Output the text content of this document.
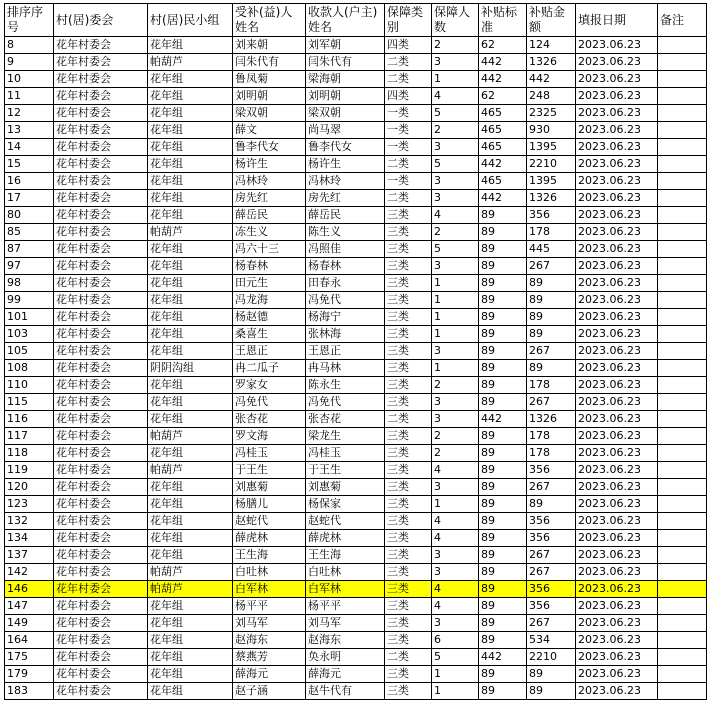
排序序号	村(居)委会	村(居)民小组	受补(益)人姓名	收款人(户主)姓名	保障类别	保障人数	补贴标准	补贴金额	填报日期	备注
8	花年村委会	花年组	刘来朝	刘军朝	四类	2	62	124	2023.06.23	
9	花年村委会	帕葫芦	闫朱代有	闫朱代有	二类	3	442	1326	2023.06.23	
10	花年村委会	花年组	鲁凤菊	梁海朝	二类	1	442	442	2023.06.23	
11	花年村委会	花年组	刘明朝	刘明朝	四类	4	62	248	2023.06.23	
12	花年村委会	花年组	梁双朝	梁双朝	一类	5	465	2325	2023.06.23	
13	花年村委会	花年组	薛文	尚马翠	一类	2	465	930	2023.06.23	
14	花年村委会	花年组	鲁李代女	鲁李代女	一类	3	465	1395	2023.06.23	
15	花年村委会	花年组	杨许生	杨许生	二类	5	442	2210	2023.06.23	
16	花年村委会	花年组	冯林玲	冯林玲	一类	3	465	1395	2023.06.23	
17	花年村委会	花年组	房先红	房先红	二类	3	442	1326	2023.06.23	
80	花年村委会	花年组	薛岳民	薛岳民	三类	4	89	356	2023.06.23	
85	花年村委会	帕葫芦	冻生义	陈生义	三类	2	89	178	2023.06.23	
87	花年村委会	花年组	冯六十三	冯照佳	三类	5	89	445	2023.06.23	
97	花年村委会	花年组	杨春林	杨春林	三类	3	89	267	2023.06.23	
98	花年村委会	花年组	田元生	田春永	三类	1	89	89	2023.06.23	
99	花年村委会	花年组	冯龙海	冯免代	三类	1	89	89	2023.06.23	
101	花年村委会	花年组	杨赵德	杨海宁	三类	1	89	89	2023.06.23	
103	花年村委会	花年组	桑喜生	张林海	三类	1	89	89	2023.06.23	
105	花年村委会	花年组	王恩正	王恩正	三类	3	89	267	2023.06.23	
108	花年村委会	阴阴沟组	冉二瓜子	冉马林	三类	1	89	89	2023.06.23	
110	花年村委会	花年组	罗家女	陈永生	三类	2	89	178	2023.06.23	
115	花年村委会	花年组	冯免代	冯免代	三类	3	89	267	2023.06.23	
116	花年村委会	花年组	张杏花	张杏花	二类	3	442	1326	2023.06.23	
117	花年村委会	帕葫芦	罗文海	梁龙生	三类	2	89	178	2023.06.23	
118	花年村委会	花年组	冯桂玉	冯桂玉	三类	2	89	178	2023.06.23	
119	花年村委会	帕葫芦	于王生	于王生	三类	4	89	356	2023.06.23	
120	花年村委会	花年组	刘惠菊	刘惠菊	三类	3	89	267	2023.06.23	
123	花年村委会	花年组	杨膳儿	杨保家	三类	1	89	89	2023.06.23	
132	花年村委会	花年组	赵蛇代	赵蛇代	三类	4	89	356	2023.06.23	
134	花年村委会	花年组	薛虎林	薛虎林	三类	4	89	356	2023.06.23	
137	花年村委会	花年组	王生海	王生海	三类	3	89	267	2023.06.23	
142	花年村委会	帕葫芦	白吐林	白吐林	三类	3	89	267	2023.06.23	
146	花年村委会	帕葫芦	白军林	白军林	三类	4	89	356	2023.06.23	
147	花年村委会	花年组	杨平平	杨平平	三类	4	89	356	2023.06.23	
149	花年村委会	花年组	刘马军	刘马军	三类	3	89	267	2023.06.23	
164	花年村委会	花年组	赵海东	赵海东	三类	6	89	534	2023.06.23	
175	花年村委会	花年组	蔡燕芳	奂永明	二类	5	442	2210	2023.06.23	
179	花年村委会	花年组	薛海元	薛海元	三类	1	89	89	2023.06.23	
183	花年村委会	花年组	赵子涵	赵牛代有	三类	1	89	89	2023.06.23	
